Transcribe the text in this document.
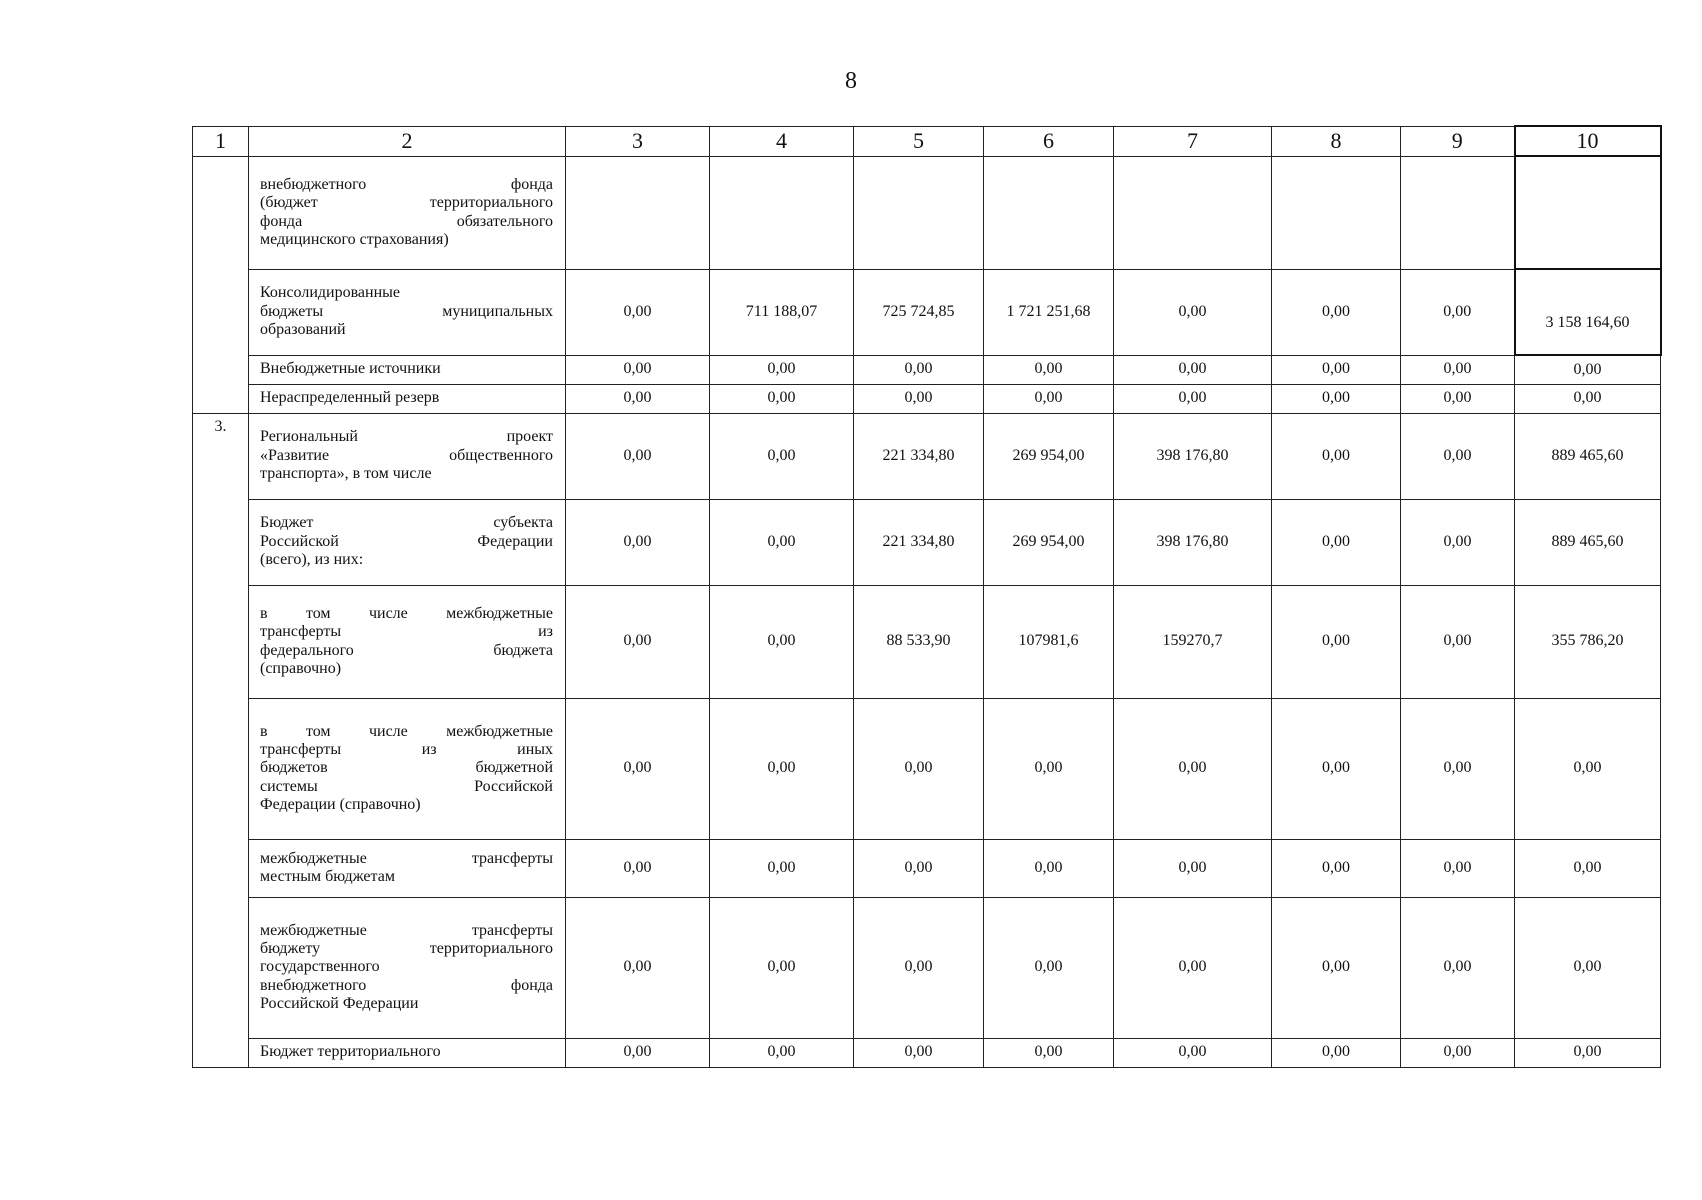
8
1	2	3	4	5	6	7	8	9	10

	внебюджетного фонда
(бюджет территориального
фонда обязательного
медицинского страхования)								

	Консолидированные
бюджеты муниципальных
образований	0,00	711 188,07	725 724,85	1 721 251,68	0,00	0,00	0,00	3 158 164,60

	Внебюджетные источники	0,00	0,00	0,00	0,00	0,00	0,00	0,00	0,00

	Нераспределенный резерв	0,00	0,00	0,00	0,00	0,00	0,00	0,00	0,00
3.	Региональный проект
«Развитие общественного
транспорта», в том числе	0,00	0,00	221 334,80	269 954,00	398 176,80	0,00	0,00	889 465,60

	Бюджет субъекта
Российской Федерации
(всего), из них:	0,00	0,00	221 334,80	269 954,00	398 176,80	0,00	0,00	889 465,60

	в том числе межбюджетные
трансферты из
федерального бюджета
(справочно)	0,00	0,00	88 533,90	107981,6	159270,7	0,00	0,00	355 786,20

	в том числе межбюджетные
трансферты из иных
бюджетов бюджетной
системы Российской
Федерации (справочно)	0,00	0,00	0,00	0,00	0,00	0,00	0,00	0,00

	межбюджетные трансферты
местным бюджетам	0,00	0,00	0,00	0,00	0,00	0,00	0,00	0,00

	межбюджетные трансферты
бюджету территориального
государственного
внебюджетного фонда
Российской Федерации	0,00	0,00	0,00	0,00	0,00	0,00	0,00	0,00

	Бюджет территориального	0,00	0,00	0,00	0,00	0,00	0,00	0,00	0,00
